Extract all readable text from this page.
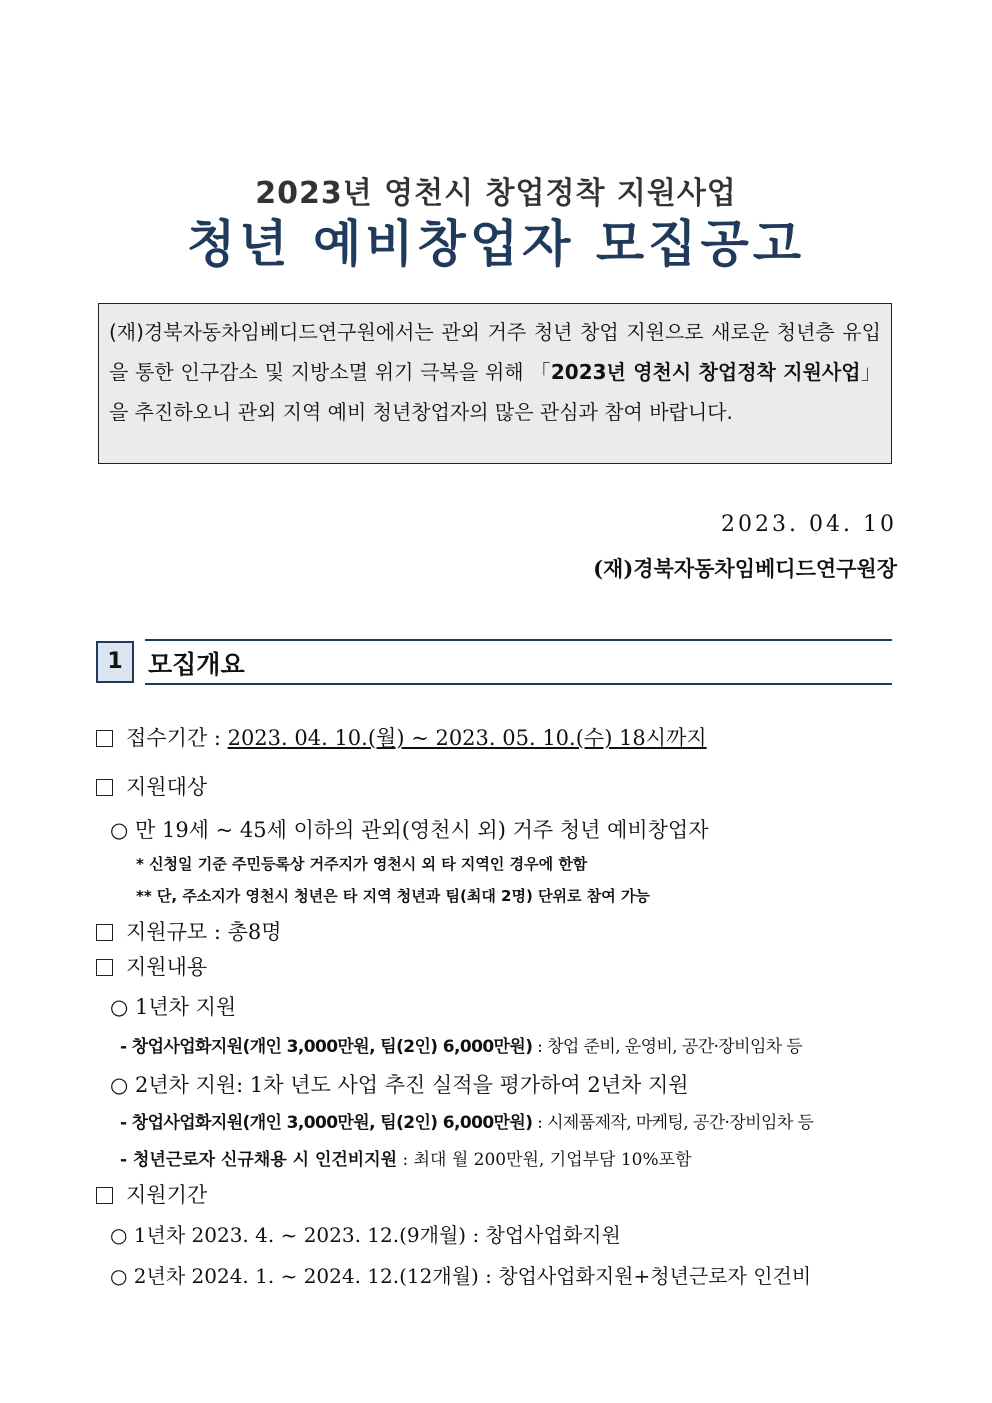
2023년 영천시 창업정착 지원사업
청년 예비창업자 모집공고
(재)경북자동차임베디드연구원에서는 관외 거주 청년 창업 지원으로 새로운 청년층 유입을 통한 인구감소 및 지방소멸 위기 극복을 위해 「2023년 영천시 창업정착 지원사업」을 추진하오니 관외 지역 예비 청년창업자의 많은 관심과 참여 바랍니다.
2023. 04. 10
(재)경북자동차임베디드연구원장
1	모집개요
접수기간 : 2023. 04. 10.(월) ~ 2023. 05. 10.(수) 18시까지
지원대상
○ 만 19세 ~ 45세 이하의 관외(영천시 외) 거주 청년 예비창업자
* 신청일 기준 주민등록상 거주지가 영천시 외 타 지역인 경우에 한함
** 단, 주소지가 영천시 청년은 타 지역 청년과 팀(최대 2명) 단위로 참여 가능
지원규모 : 총8명
지원내용
○ 1년차 지원
- 창업사업화지원(개인 3,000만원, 팀(2인) 6,000만원) : 창업 준비, 운영비, 공간·장비임차 등
○ 2년차 지원: 1차 년도 사업 추진 실적을 평가하여 2년차 지원
- 창업사업화지원(개인 3,000만원, 팀(2인) 6,000만원) : 시제품제작, 마케팅, 공간·장비임차 등
- 청년근로자 신규채용 시 인건비지원 : 최대 월 200만원, 기업부담 10%포함
지원기간
○ 1년차 2023. 4. ~ 2023. 12.(9개월) : 창업사업화지원
○ 2년차 2024. 1. ~ 2024. 12.(12개월) : 창업사업화지원+청년근로자 인건비
